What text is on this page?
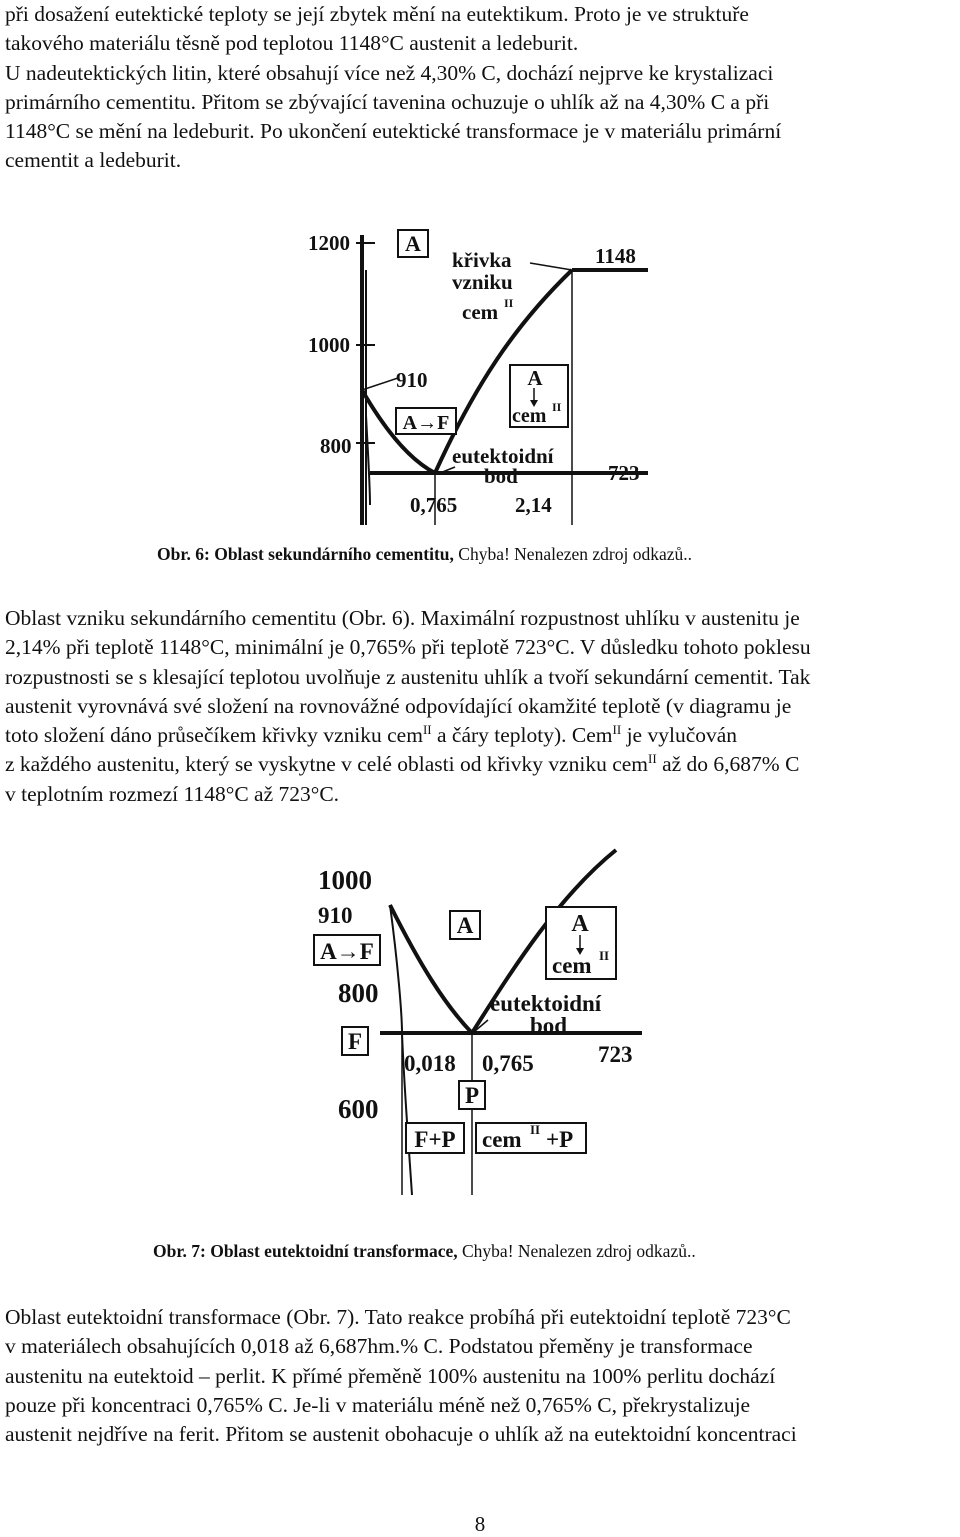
při dosažení eutektické teploty se její zbytek mění na eutektikum. Proto je ve struktuře
takového materiálu těsně pod teplotou 1148°C austenit a ledeburit.
U nadeutektických litin, které obsahují více než 4,30% C, dochází nejprve ke krystalizaci
primárního cementitu. Přitom se zbývající tavenina ochuzuje o uhlík až na 4,30% C a při
1148°C se mění na ledeburit. Po ukončení eutektické transformace je v materiálu primární
cementit a ledeburit.
A
A→F
A
cem II
1200
1000
800
910
1148
723
křivka
vzniku
cem II
eutektoidní
bod
0,765	2,14
Obr. 6: Oblast sekundárního cementitu, Chyba! Nenalezen zdroj odkazů..
Oblast vzniku sekundárního cementitu (Obr. 6). Maximální rozpustnost uhlíku v austenitu je
2,14% při teplotě 1148°C, minimální je 0,765% při teplotě 723°C. V důsledku tohoto poklesu
rozpustnosti se s klesající teplotou uvolňuje z austenitu uhlík a tvoří sekundární cementit. Tak
austenit vyrovnává své složení na rovnovážné odpovídající okamžité teplotě (v diagramu je
toto složení dáno průsečíkem křivky vzniku cem$^{II}$ a čáry teploty). Cem$^{II}$ je vylučován
z každého austenitu, který se vyskytne v celé oblasti od křivky vzniku cem$^{II}$ až do 6,687% C
v teplotním rozmezí 1148°C až 723°C.
1000
910
800
600
723
A→F
A	A
cem II
eutektoidní
bod
F
0,018 0,765
P
F+P cem II +P
Obr. 7: Oblast eutektoidní transformace, Chyba! Nenalezen zdroj odkazů..
Oblast eutektoidní transformace (Obr. 7). Tato reakce probíhá při eutektoidní teplotě 723°C
v materiálech obsahujících 0,018 až 6,687hm.% C. Podstatou přeměny je transformace
austenitu na eutektoid – perlit. K přímé přeměně 100% austenitu na 100% perlitu dochází
pouze při koncentraci 0,765% C. Je-li v materiálu méně než 0,765% C, překrystalizuje
austenit nejdříve na ferit. Přitom se austenit obohacuje o uhlík až na eutektoidní koncentraci
8
